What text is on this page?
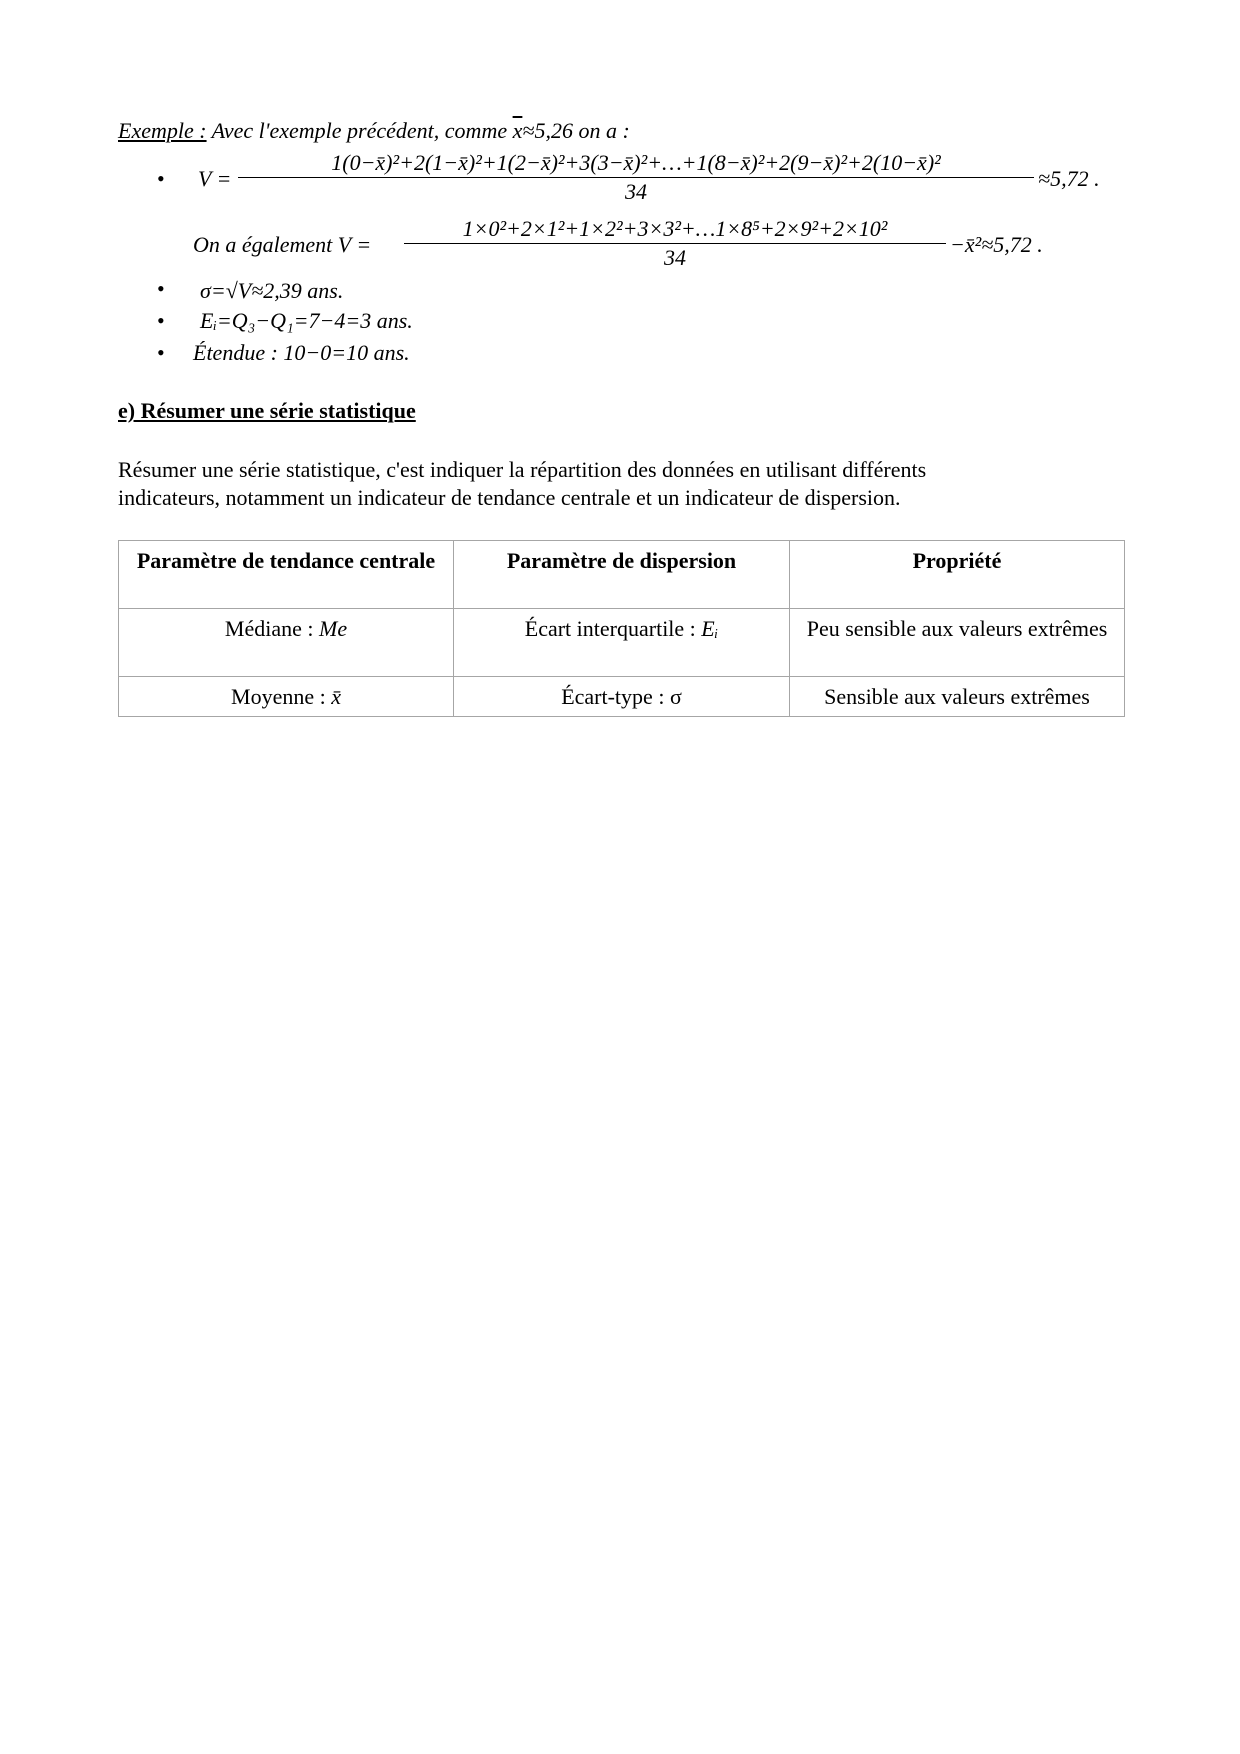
Exemple : Avec l'exemple précédent, comme $\overline{x}\approx 5,26$ on a :
• V =
1(0−x̄)²+2(1−x̄)²+1(2−x̄)²+3(3−x̄)²+…+1(8−x̄)²+2(9−x̄)²+2(10−x̄)²
34
≈5,72 .
On a également $V = \frac{\text{1×0²+2×1²+1×2²+3×3²+…1×8⁵+2×9²+2×10²}}{34}$ −x̄²≈5,72 .
• σ=√V≈2,39 ans.
• Eᵢ=Q₃−Q₁=7−4=3 ans.
• Étendue : 10−0=10 ans.
e) Résumer une série statistique
Résumer une série statistique, c'est indiquer la répartition des données en utilisant différents
indicateurs, notamment un indicateur de tendance centrale et un indicateur de dispersion.
Paramètre de tendance centrale	Paramètre de dispersion	Propriété
Médiane : Me	Écart interquartile : Eᵢ	Peu sensible aux valeurs extrêmes
Moyenne : x̄	Écart-type : σ	Sensible aux valeurs extrêmes
